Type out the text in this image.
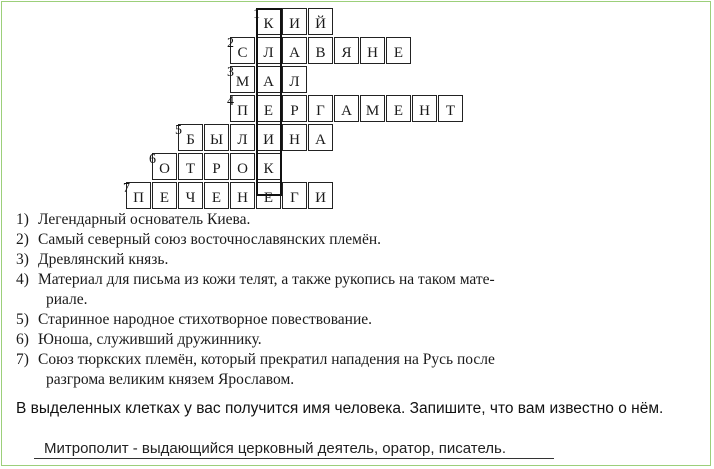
К
1
И	Й
С
2
Л	А	В	Я	Н	Е
М
3
А	Л
П
4
Е	Р	Г	А М Е	Н	Т
Б
5
Ы Л	И	Н	А
О
6
Т	Р	О	К
П
7
Е	Ч	Е	Н	Е	Г	И
1) Легендарный основатель Киева.
2) Самый северный союз восточнославянских племён.
3) Древлянский князь.
4) Материал для письма из кожи телят, а также рукопись на таком мате-
риале.
5) Старинное народное стихотворное повествование.
6) Юноша, служивший дружиннику.
7) Союз тюркских племён, который прекратил нападения на Русь после
разгрома великим князем Ярославом.
В выделенных клетках у вас получится имя человека. Запишите, что вам известно о нём.
Митрополит - выдающийся церковный деятель, оратор, писатель.
